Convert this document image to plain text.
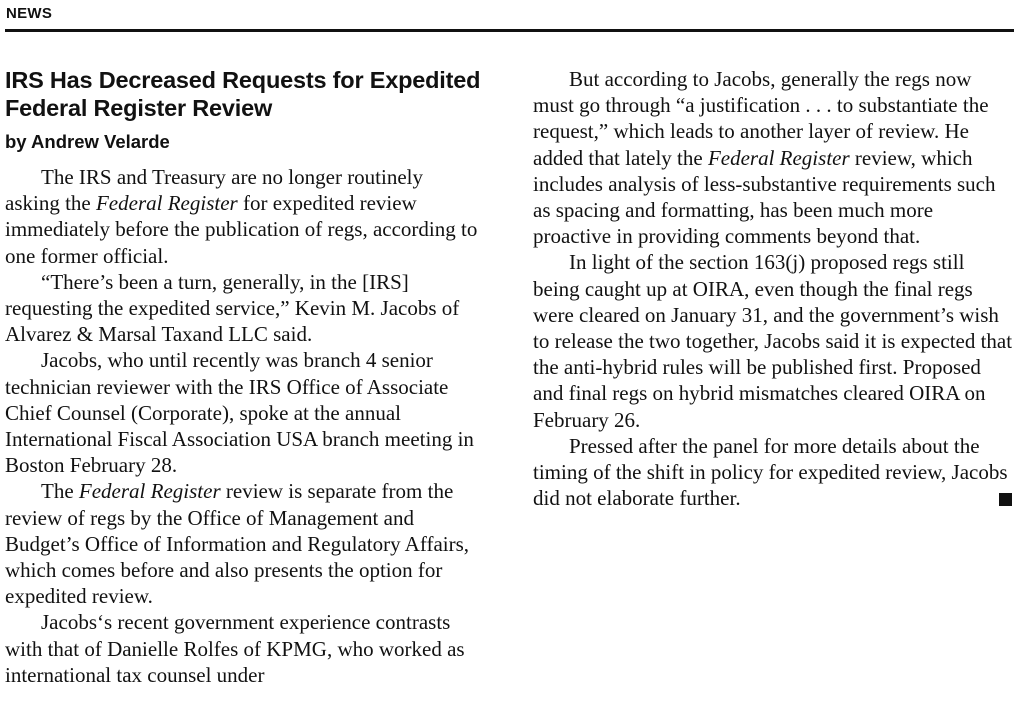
NEWS
IRS Has Decreased Requests for Expedited Federal Register Review
by Andrew Velarde

The IRS and Treasury are no longer routinely asking the Federal Register for expedited review immediately before the publication of regs, according to one former official.

“There’s been a turn, generally, in the [IRS] requesting the expedited service,” Kevin M. Jacobs of Alvarez & Marsal Taxand LLC said.

Jacobs, who until recently was branch 4 senior technician reviewer with the IRS Office of Associate Chief Counsel (Corporate), spoke at the annual International Fiscal Association USA branch meeting in Boston February 28.

The Federal Register review is separate from the review of regs by the Office of Management and Budget’s Office of Information and Regulatory Affairs, which comes before and also presents the option for expedited review.

Jacobs‘s recent government experience contrasts with that of Danielle Rolfes of KPMG, who worked as international tax counsel under

But according to Jacobs, generally the regs now must go through “a justification . . . to substantiate the request,” which leads to another layer of review. He added that lately the Federal Register review, which includes analysis of less-substantive requirements such as spacing and formatting, has been much more proactive in providing comments beyond that.

In light of the section 163(j) proposed regs still being caught up at OIRA, even though the final regs were cleared on January 31, and the government’s wish to release the two together, Jacobs said it is expected that the anti-hybrid rules will be published first. Proposed and final regs on hybrid mismatches cleared OIRA on February 26.

Pressed after the panel for more details about the timing of the shift in policy for expedited review, Jacobs did not elaborate further.
